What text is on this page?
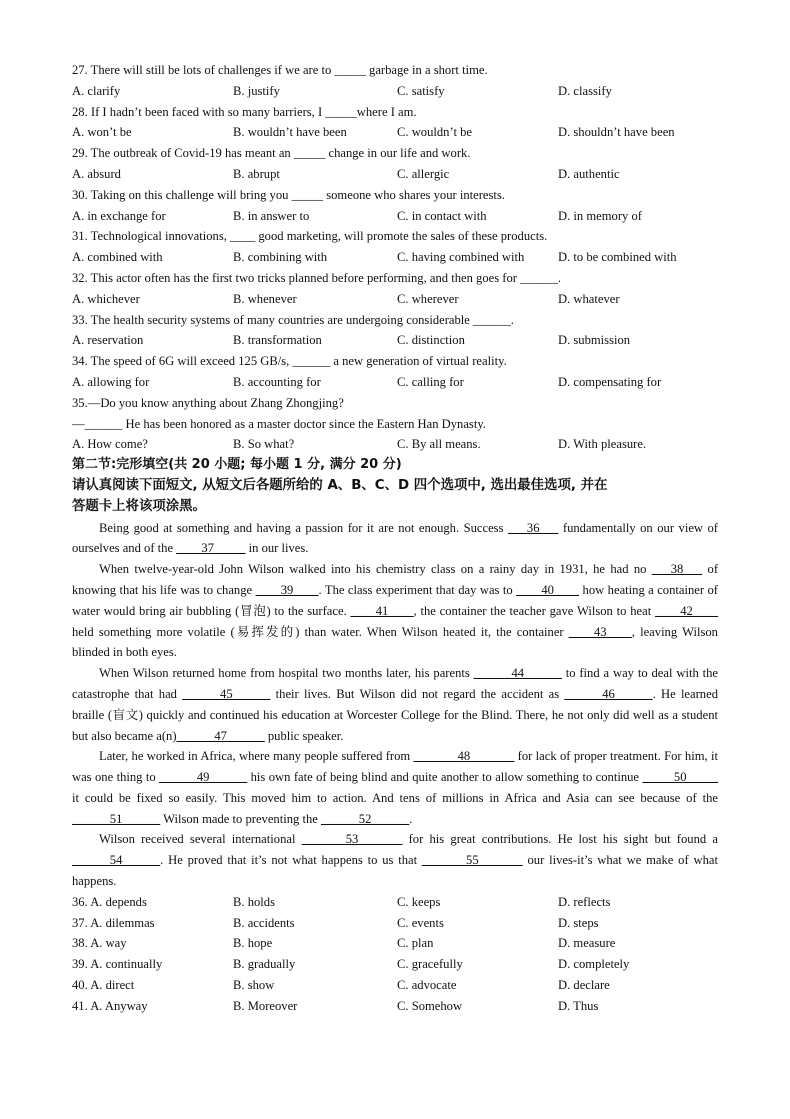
27. There will still be lots of challenges if we are to _____ garbage in a short time.
A. clarify	B. justify	C. satisfy	D. classify
28. If I hadn’t been faced with so many barriers, I _____where I am.
A. won’t be	B. wouldn’t have been	C. wouldn’t be	D. shouldn’t have been
29. The outbreak of Covid-19 has meant an _____ change in our life and work.
A. absurd	B. abrupt	C. allergic	D. authentic
30. Taking on this challenge will bring you _____ someone who shares your interests.
A. in exchange for	B. in answer to	C. in contact with	D. in memory of
31. Technological innovations, ____ good marketing, will promote the sales of these products.
A. combined with	B. combining with	C. having combined with	D. to be combined with
32. This actor often has the first two tricks planned before performing, and then goes for ______.
A. whichever	B. whenever	C. wherever	D. whatever
33. The health security systems of many countries are undergoing considerable ______.
A. reservation	B. transformation	C. distinction	D. submission
34. The speed of 6G will exceed 125 GB/s, ______ a new generation of virtual reality.
A. allowing for	B. accounting for	C. calling for	D. compensating for
35.—Do you know anything about Zhang Zhongjing?
—______ He has been honored as a master doctor since the Eastern Han Dynasty.
A. How come?	B. So what?	C. By all means.	D. With pleasure.
第二节:完形填空(共 20 小题; 每小题 1 分, 满分 20 分)
请认真阅读下面短文, 从短文后各题所给的 A、B、C、D 四个选项中, 选出最佳选项, 并在
答题卡上将该项涂黑。
Being good at something and having a passion for it are not enough. Success ___36___ fundamentally on our view of ourselves and of the ____37_____ in our lives.
When twelve-year-old John Wilson walked into his chemistry class on a rainy day in 1931, he had no ___38___ of knowing that his life was to change ____39____. The class experiment that day was to ____40____ how heating a container of water would bring air bubbling (冒泡) to the surface. ____41____, the container the teacher gave Wilson to heat ____42____ held something more volatile (易挥发的) than water. When Wilson heated it, the container ____43____, leaving Wilson blinded in both eyes.
When Wilson returned home from hospital two months later, his parents ______44______ to find a way to deal with the catastrophe that had ______45______ their lives. But Wilson did not regard the accident as ______46______. He learned braille (盲文) quickly and continued his education at Worcester College for the Blind. There, he not only did well as a student but also became a(n)______47______ public speaker.
Later, he worked in Africa, where many people suffered from _______48_______ for lack of proper treatment. For him, it was one thing to ______49______ his own fate of being blind and quite another to allow something to continue _____50_____ it could be fixed so easily. This moved him to action. And tens of millions in Africa and Asia can see because of the ______51______ Wilson made to preventing the ______52______.
Wilson received several international _______53_______ for his great contributions. He lost his sight but found a ______54______. He proved that it’s not what happens to us that _______55_______ our lives-it’s what we make of what happens.
36. A. depends	B. holds	C. keeps	D. reflects
37. A. dilemmas	B. accidents	C. events	D. steps
38. A. way	B. hope	C. plan	D. measure
39. A. continually	B. gradually	C. gracefully	D. completely
40. A. direct	B. show	C. advocate	D. declare
41. A. Anyway	B. Moreover	C. Somehow	D. Thus
